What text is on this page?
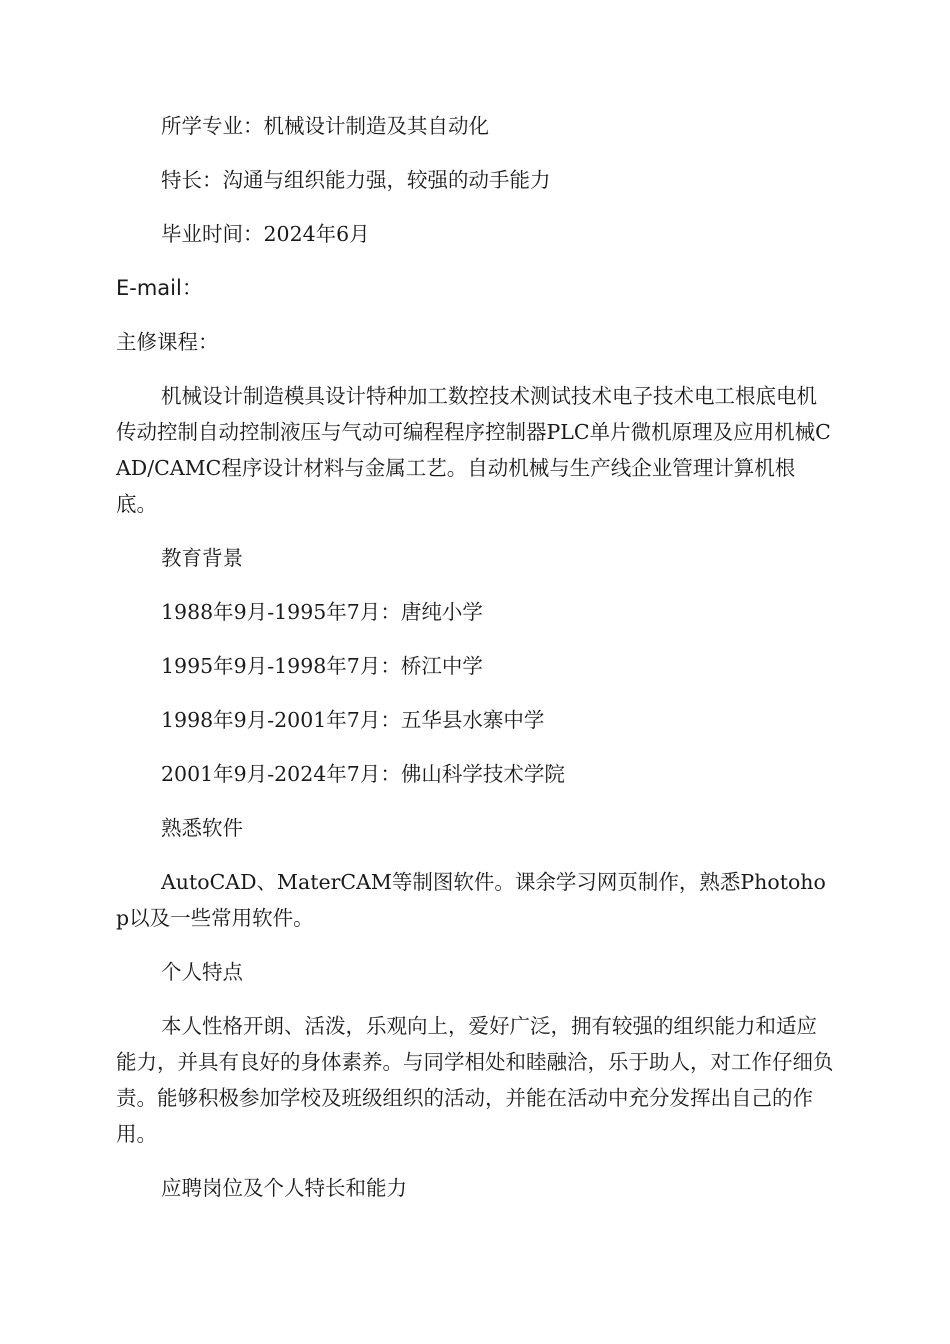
所学专业：机械设计制造及其自动化

特长：沟通与组织能力强，较强的动手能力

毕业时间：2024年6月

E-mail：

主修课程：

机械设计制造模具设计特种加工数控技术测试技术电子技术电工根底电机传动控制自动控制液压与气动可编程程序控制器PLC单片微机原理及应用机械CAD/CAMC程序设计材料与金属工艺。自动机械与生产线企业管理计算机根底。

教育背景

1988年9月-1995年7月：唐纯小学

1995年9月-1998年7月：桥江中学

1998年9月-2001年7月：五华县水寨中学

2001年9月-2024年7月：佛山科学技术学院

熟悉软件

AutoCAD、MaterCAM等制图软件。课余学习网页制作，熟悉Photohop以及一些常用软件。

个人特点

本人性格开朗、活泼，乐观向上，爱好广泛，拥有较强的组织能力和适应能力，并具有良好的身体素养。与同学相处和睦融洽，乐于助人，对工作仔细负责。能够积极参加学校及班级组织的活动，并能在活动中充分发挥出自己的作用。

应聘岗位及个人特长和能力
